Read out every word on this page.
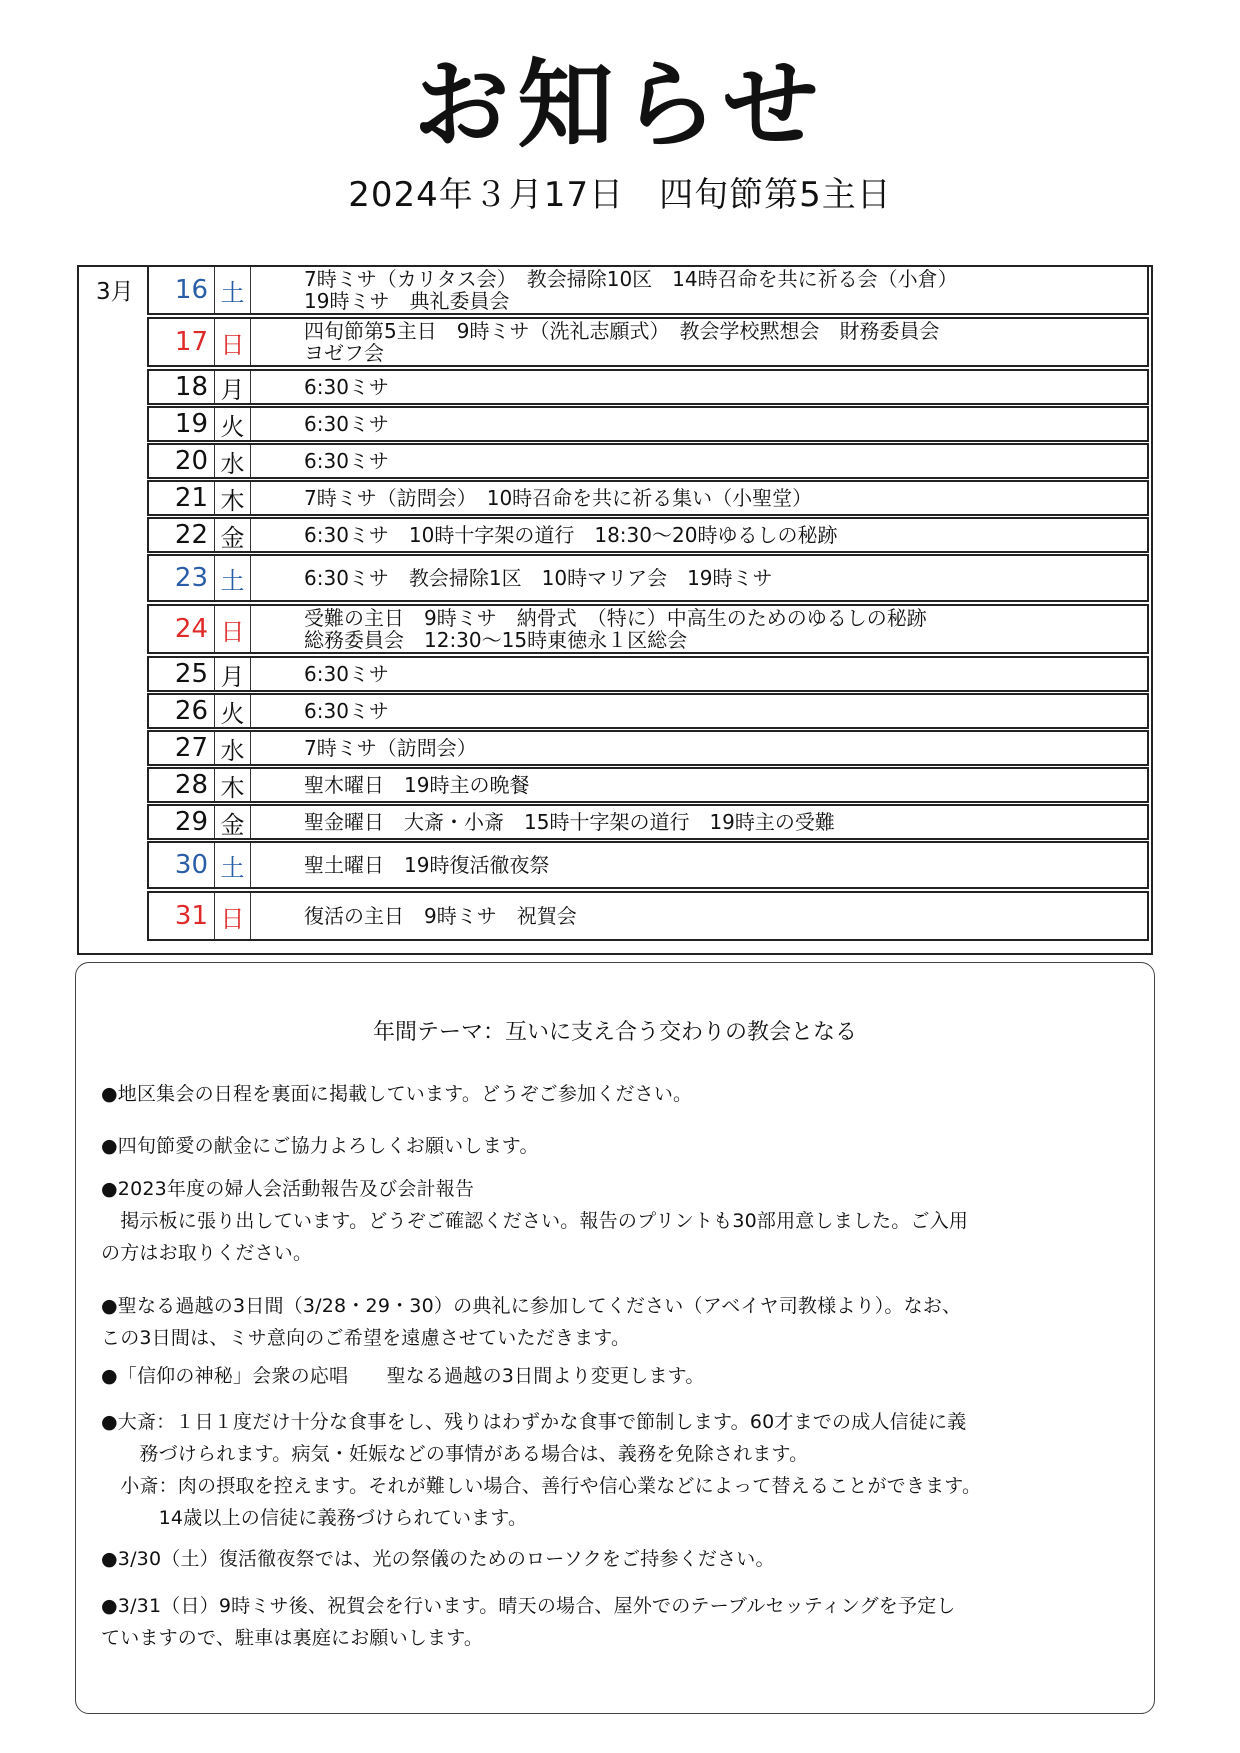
お知らせ
2024年３月17日　四旬節第5主日
3月	16 土	7時ミサ（カリタス会）　教会掃除10区　14時召命を共に祈る会（小倉）
19時ミサ　典礼委員会
17 日	四旬節第5主日　9時ミサ（洗礼志願式）　教会学校黙想会　財務委員会
ヨゼフ会
18 月	6:30ミサ
19 火	6:30ミサ
20 水	6:30ミサ
21 木	7時ミサ（訪問会）　10時召命を共に祈る集い（小聖堂）
22 金	6:30ミサ　10時十字架の道行　18:30～20時ゆるしの秘跡
23 土	6:30ミサ　教会掃除1区　10時マリア会　19時ミサ
24 日	受難の主日　9時ミサ　納骨式　（特に）中高生のためのゆるしの秘跡
総務委員会　12:30～15時東徳永１区総会
25 月	6:30ミサ
26 火	6:30ミサ
27 水	7時ミサ（訪問会）
28 木	聖木曜日　19時主の晩餐
29 金	聖金曜日　大斎・小斎　15時十字架の道行　19時主の受難
30 土	聖土曜日　19時復活徹夜祭
31 日	復活の主日　9時ミサ　祝賀会
年間テーマ：互いに支え合う交わりの教会となる
●地区集会の日程を裏面に掲載しています。どうぞご参加ください。
●四旬節愛の献金にご協力よろしくお願いします。
●2023年度の婦人会活動報告及び会計報告
　掲示板に張り出しています。どうぞご確認ください。報告のプリントも30部用意しました。ご入用
の方はお取りください。
●聖なる過越の3日間（3/28・29・30）の典礼に参加してください（アベイヤ司教様より）。なお、
この3日間は、ミサ意向のご希望を遠慮させていただきます。
●「信仰の神秘」会衆の応唱　　聖なる過越の3日間より変更します。
●大斎：１日１度だけ十分な食事をし、残りはわずかな食事で節制します。60才までの成人信徒に義
　　務づけられます。病気・妊娠などの事情がある場合は、義務を免除されます。
　小斎：肉の摂取を控えます。それが難しい場合、善行や信心業などによって替えることができます。
　　　14歳以上の信徒に義務づけられています。
●3/30（土）復活徹夜祭では、光の祭儀のためのローソクをご持参ください。
●3/31（日）9時ミサ後、祝賀会を行います。晴天の場合、屋外でのテーブルセッティングを予定し
ていますので、駐車は裏庭にお願いします。
